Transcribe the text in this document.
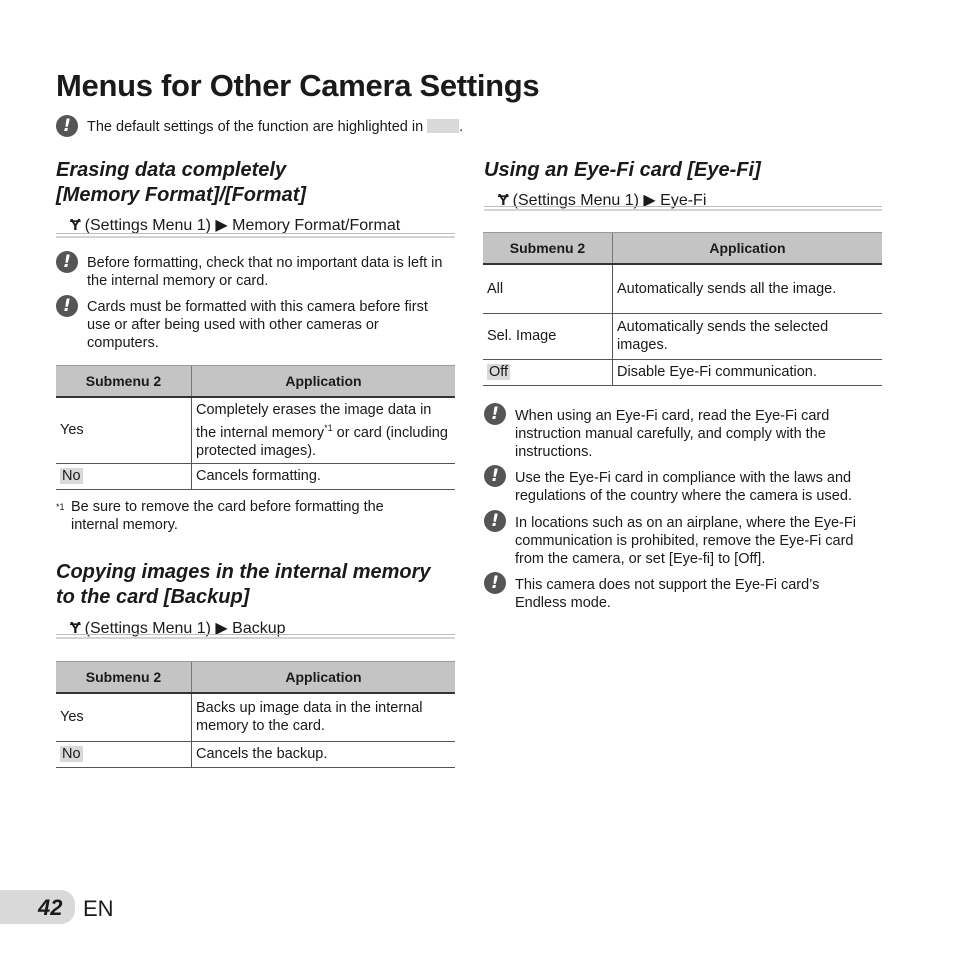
Menus for Other Camera Settings
!	The default settings of the function are highlighted in .
Erasing data completely
[Memory Format]/[Format]
Ɏ (Settings Menu 1) ▶ Memory Format/Format
!	Before formatting, check that no important data is left in the internal memory or card.
!	Cards must be formatted with this camera before first use or after being used with other cameras or computers.
Submenu 2	Application
Yes	Completely erases the image data in the internal memory$^{*1}$ or card (including protected images).
No	Cancels formatting.
$^{*1}$ Be sure to remove the card before formatting the internal memory.
Copying images in the internal memory
to the card [Backup]
Ɏ (Settings Menu 1) ▶ Backup
Submenu 2	Application
Yes	Backs up image data in the internal memory to the card.
No	Cancels the backup.
Using an Eye-Fi card [Eye-Fi]
Ɏ (Settings Menu 1) ▶ Eye-Fi
Submenu 2	Application
All	Automatically sends all the image.
Sel. Image	Automatically sends the selected images.
Off	Disable Eye-Fi communication.
!	When using an Eye-Fi card, read the Eye-Fi card instruction manual carefully, and comply with the instructions.
!	Use the Eye-Fi card in compliance with the laws and regulations of the country where the camera is used.
!	In locations such as on an airplane, where the Eye-Fi communication is prohibited, remove the Eye-Fi card from the camera, or set [Eye-fi] to [Off].
!	This camera does not support the Eye-Fi card’s Endless mode.
42 EN
